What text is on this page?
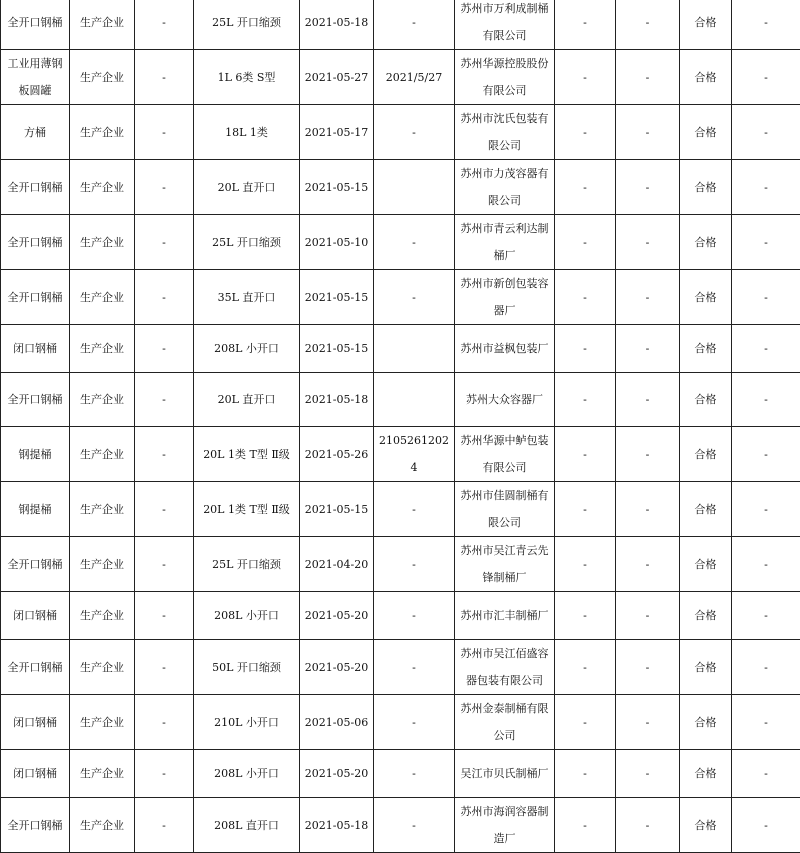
全开口钢桶	生产企业	-	25L 开口缩颈	2021-05-18	-	苏州市万利成制桶有限公司	-	-	合格	-
工业用薄钢板圆罐	生产企业	-	1L 6类 S型	2021-05-27	2021/5/27	苏州华源控股股份有限公司	-	-	合格	-
方桶	生产企业	-	18L 1类	2021-05-17	-	苏州市沈氏包装有限公司	-	-	合格	-
全开口钢桶	生产企业	-	20L 直开口	2021-05-15		苏州市力茂容器有限公司	-	-	合格	-
全开口钢桶	生产企业	-	25L 开口缩颈	2021-05-10	-	苏州市青云利达制桶厂	-	-	合格	-
全开口钢桶	生产企业	-	35L 直开口	2021-05-15	-	苏州市新创包装容器厂	-	-	合格	-
闭口钢桶	生产企业	-	208L 小开口	2021-05-15		苏州市益枫包装厂	-	-	合格	-
全开口钢桶	生产企业	-	20L 直开口	2021-05-18		苏州大众容器厂	-	-	合格	-
钢提桶	生产企业	-	20L 1类 T型 Ⅱ级	2021-05-26	21052612024	苏州华源中鲈包装有限公司	-	-	合格	-
钢提桶	生产企业	-	20L 1类 T型 Ⅱ级	2021-05-15	-	苏州市佳圆制桶有限公司	-	-	合格	-
全开口钢桶	生产企业	-	25L 开口缩颈	2021-04-20	-	苏州市吴江青云先锋制桶厂	-	-	合格	-
闭口钢桶	生产企业	-	208L 小开口	2021-05-20	-	苏州市汇丰制桶厂	-	-	合格	-
全开口钢桶	生产企业	-	50L 开口缩颈	2021-05-20	-	苏州市吴江佰盛容器包装有限公司	-	-	合格	-
闭口钢桶	生产企业	-	210L 小开口	2021-05-06	-	苏州金泰制桶有限公司	-	-	合格	-
闭口钢桶	生产企业	-	208L 小开口	2021-05-20	-	吴江市贝氏制桶厂	-	-	合格	-
全开口钢桶	生产企业	-	208L 直开口	2021-05-18	-	苏州市海润容器制造厂	-	-	合格	-
